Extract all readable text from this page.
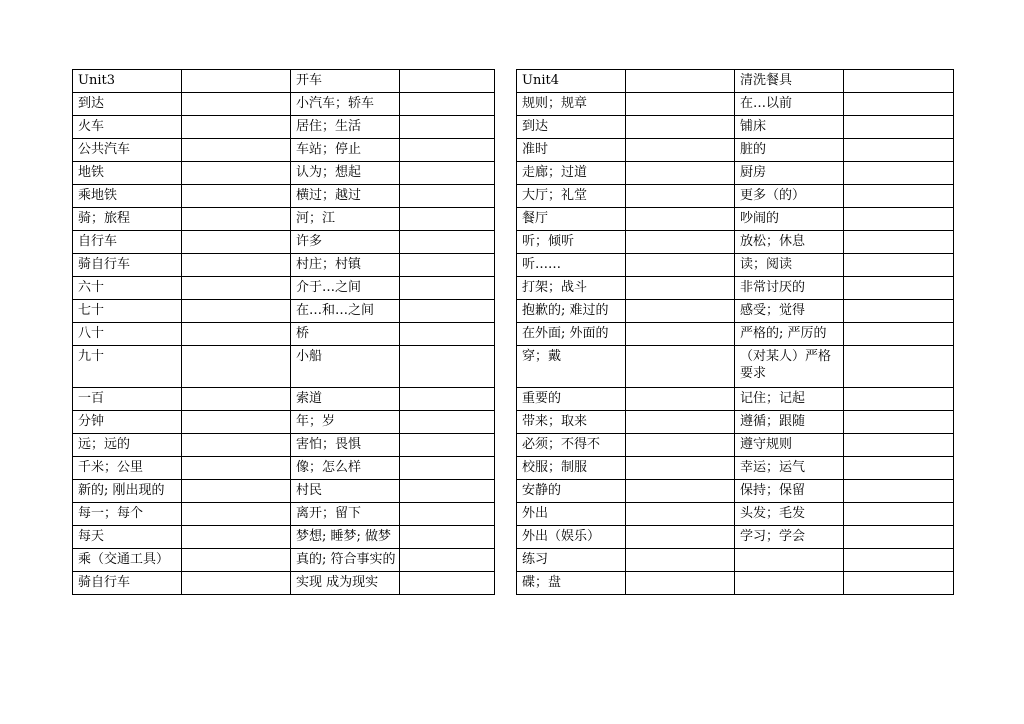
Unit3		开车			Unit4		清洗餐具	
到达		小汽车；轿车			规则；规章		在…以前	
火车		居住；生活			到达		铺床	
公共汽车		车站；停止			准时		脏的	
地铁		认为；想起			走廊；过道		厨房	
乘地铁		横过；越过			大厅；礼堂		更多（的）	
骑；旅程		河；江			餐厅		吵闹的	
自行车		许多			听；倾听		放松；休息	
骑自行车		村庄；村镇			听……		读；阅读	
六十		介于…之间			打架；战斗		非常讨厌的	
七十		在…和…之间			抱歉的; 难过的		感受；觉得	
八十		桥			在外面; 外面的		严格的; 严厉的	
九十		小船			穿；戴		（对某人）严格要求	
一百		索道			重要的		记住；记起	
分钟		年；岁			带来；取来		遵循；跟随	
远；远的		害怕；畏惧			必须；不得不		遵守规则	
千米；公里		像；怎么样			校服；制服		幸运；运气	
新的; 刚出现的		村民			安静的		保持；保留	
每一；每个		离开；留下			外出		头发；毛发	
每天		梦想; 睡梦; 做梦			外出（娱乐）		学习；学会	
乘（交通工具）		真的; 符合事实的			练习			
骑自行车		实现 成为现实			碟；盘			
